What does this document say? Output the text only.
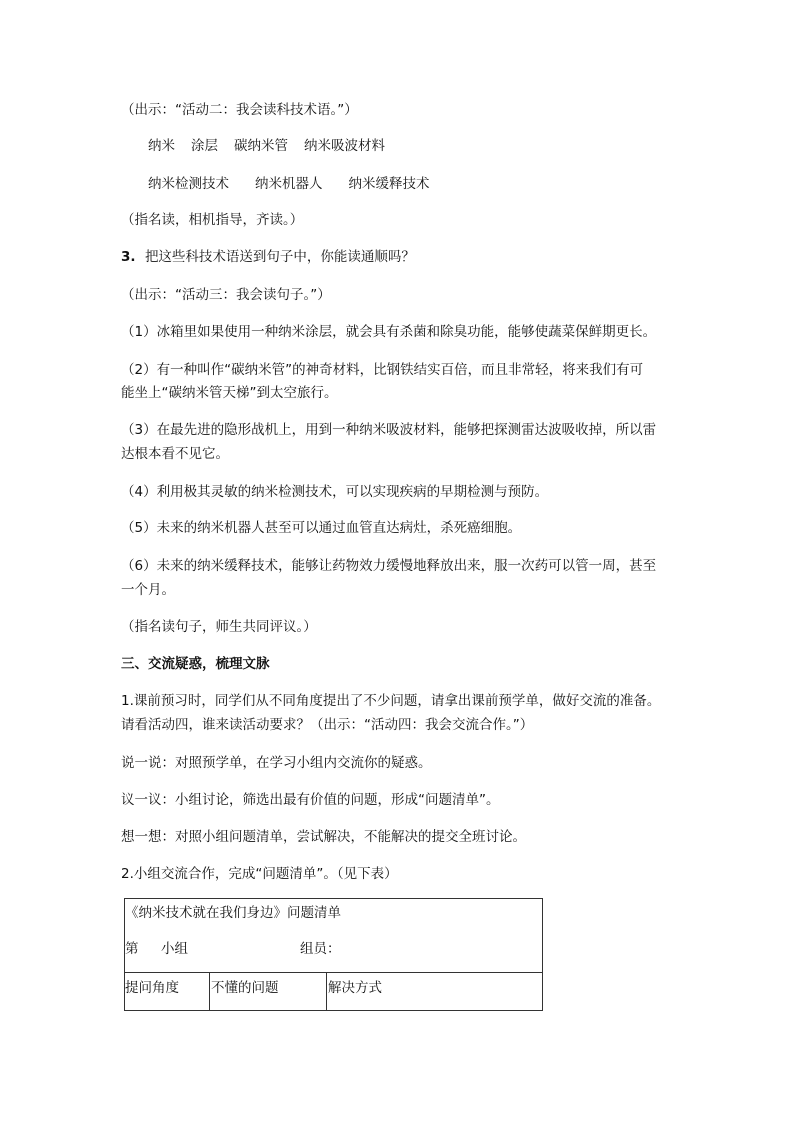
（出示：“活动二：我会读科技术语。”）
纳米 涂层 碳纳米管 纳米吸波材料
纳米检测技术 纳米机器人 纳米缓释技术
（指名读，相机指导，齐读。）
3. 把这些科技术语送到句子中，你能读通顺吗？
（出示：“活动三：我会读句子。”）
（1）冰箱里如果使用一种纳米涂层，就会具有杀菌和除臭功能，能够使蔬菜保鲜期更长。
（2）有一种叫作“碳纳米管”的神奇材料，比钢铁结实百倍，而且非常轻，将来我们有可
能坐上“碳纳米管天梯”到太空旅行。
（3）在最先进的隐形战机上，用到一种纳米吸波材料，能够把探测雷达波吸收掉，所以雷
达根本看不见它。
（4）利用极其灵敏的纳米检测技术，可以实现疾病的早期检测与预防。
（5）未来的纳米机器人甚至可以通过血管直达病灶，杀死癌细胞。
（6）未来的纳米缓释技术，能够让药物效力缓慢地释放出来，服一次药可以管一周，甚至
一个月。
（指名读句子，师生共同评议。）
三、交流疑惑，梳理文脉
1.课前预习时，同学们从不同角度提出了不少问题，请拿出课前预学单，做好交流的准备。
请看活动四，谁来读活动要求？（出示：“活动四：我会交流合作。”）
说一说：对照预学单，在学习小组内交流你的疑惑。
议一议：小组讨论，筛选出最有价值的问题，形成“问题清单”。
想一想：对照小组问题清单，尝试解决，不能解决的提交全班讨论。
2.小组交流合作，完成“问题清单”。（见下表）
《纳米技术就在我们身边》问题清单
第 小组	组员：
提问角度 不懂的问题	解决方式
